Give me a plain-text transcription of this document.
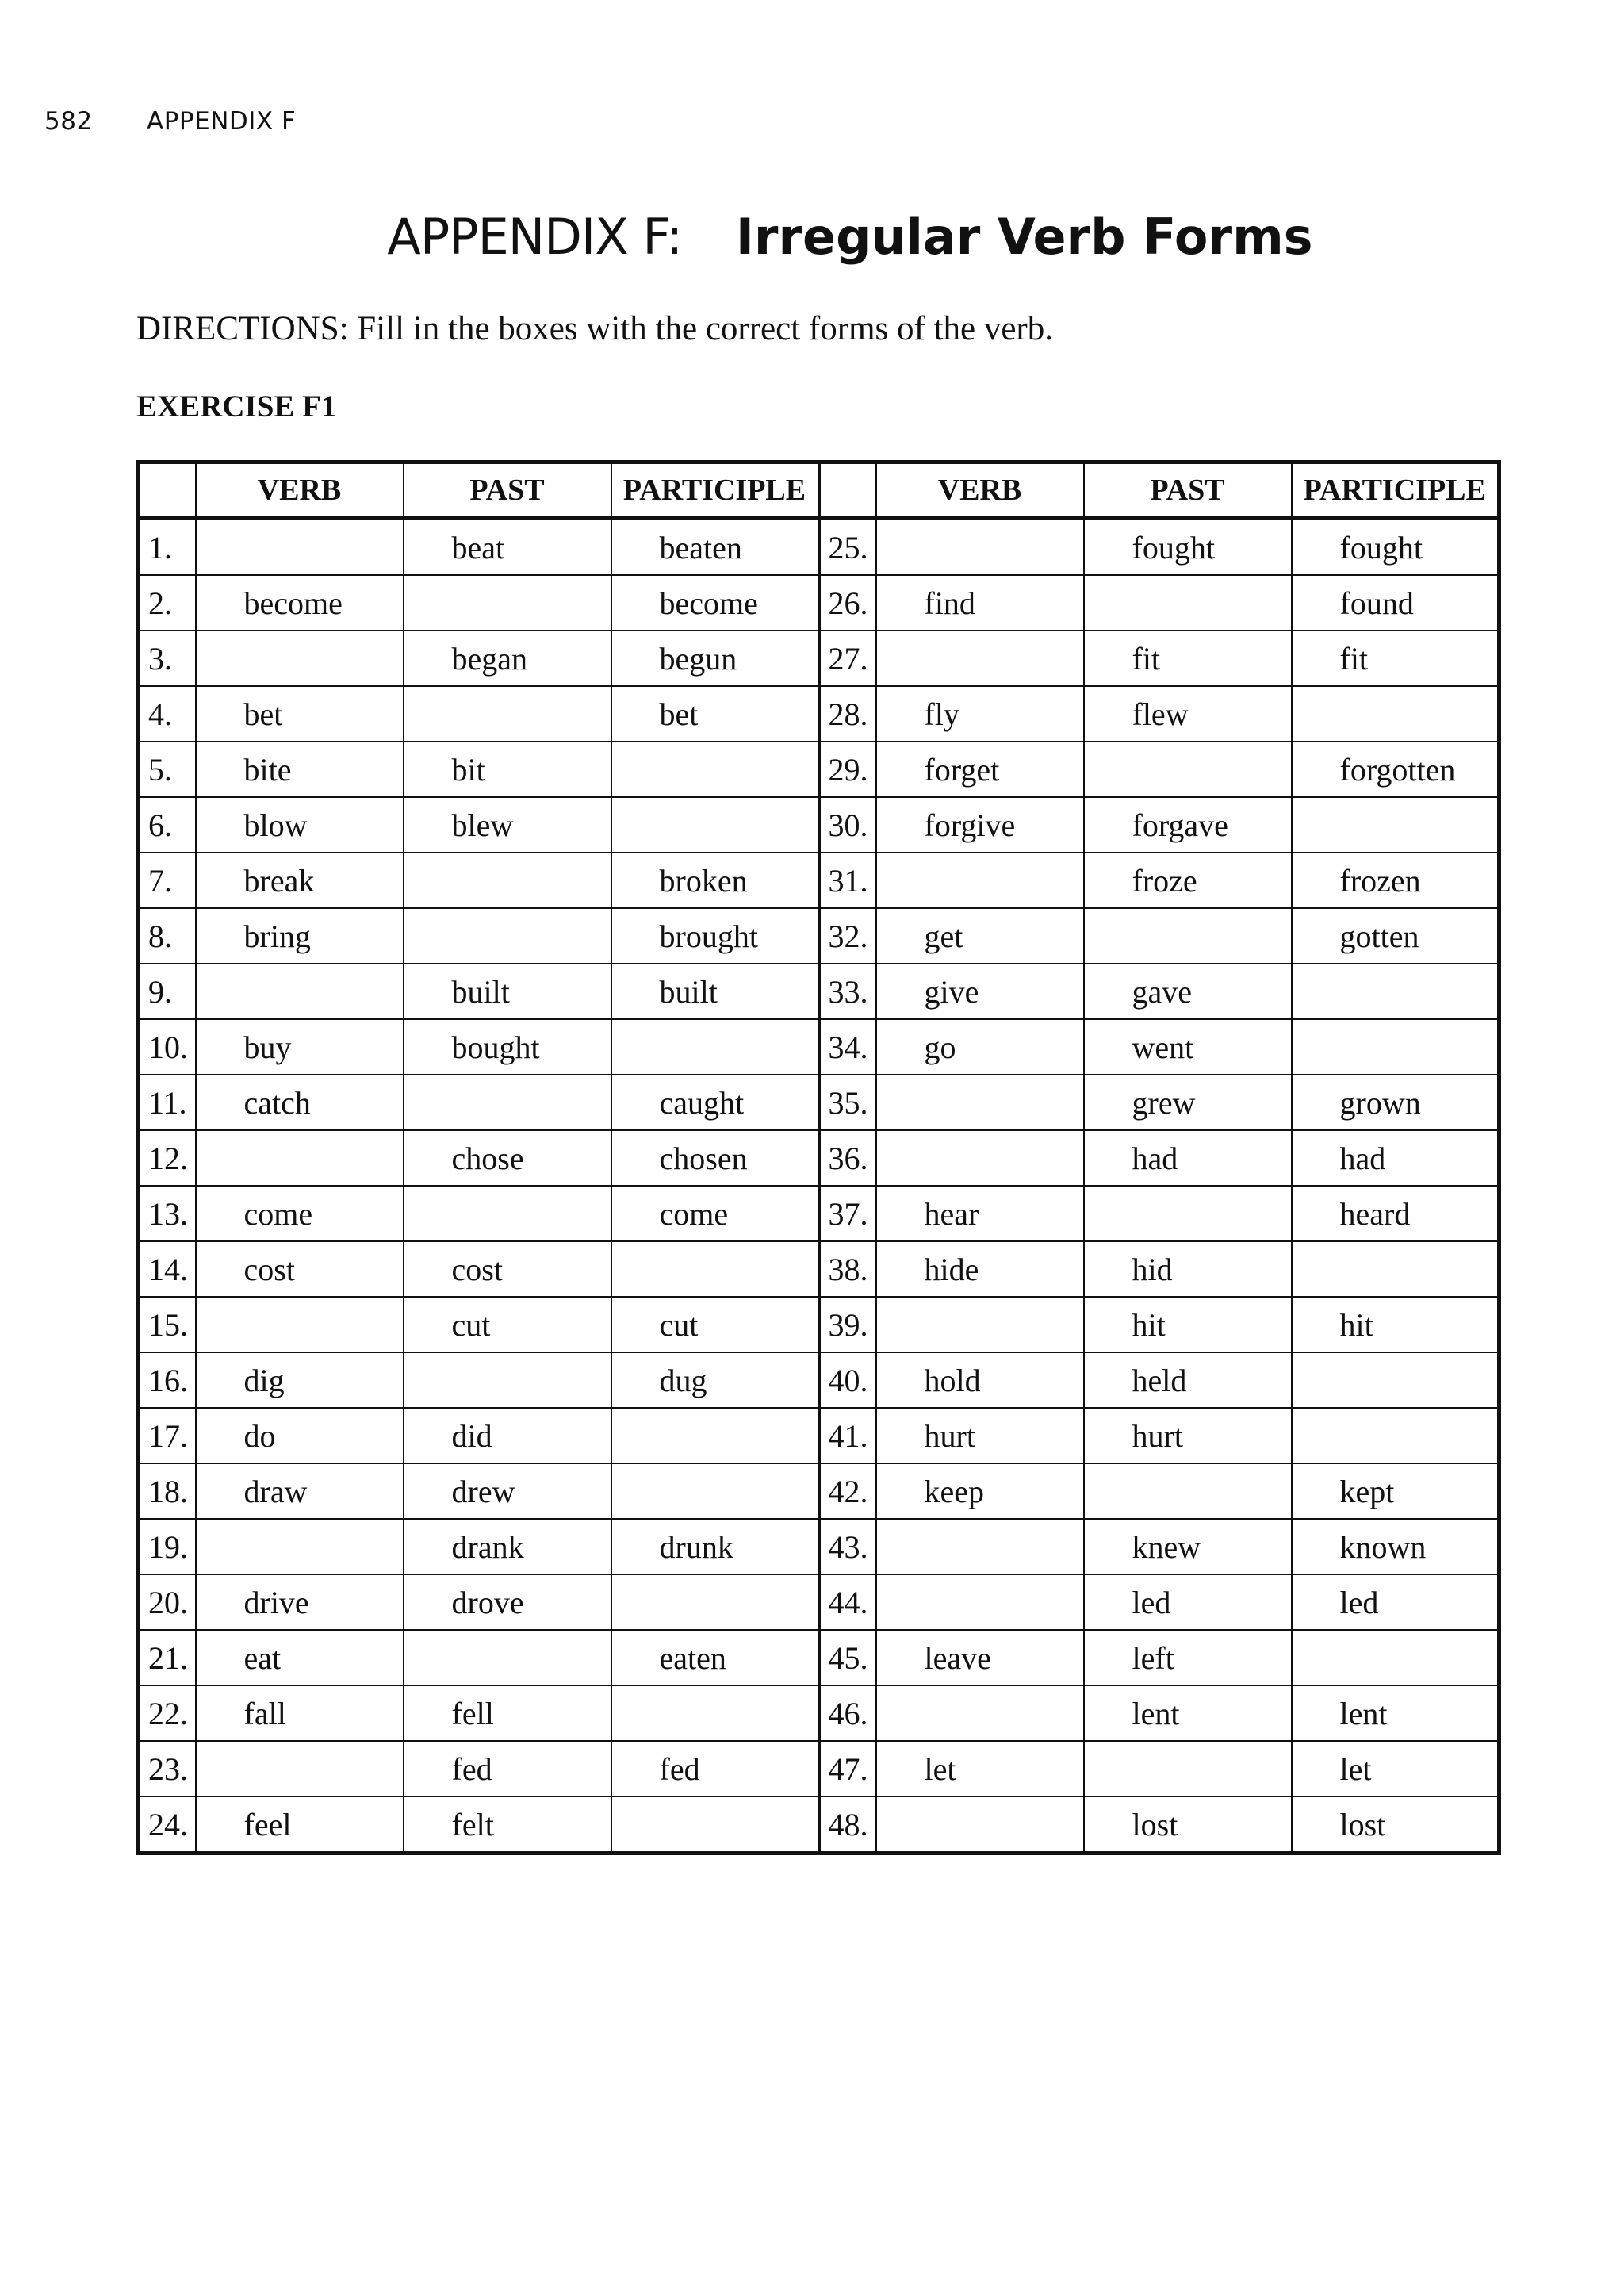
582 APPENDIX F
APPENDIX F: Irregular Verb Forms
DIRECTIONS: Fill in the boxes with the correct forms of the verb.
EXERCISE F1
	VERB	PAST	PARTICIPLE		VERB	PAST	PARTICIPLE
1.		beat	beaten	25.		fought	fought
2.	become		become	26.	find		found
3.		began	begun	27.		fit	fit
4.	bet		bet	28.	fly	flew	
5.	bite	bit		29.	forget		forgotten
6.	blow	blew		30.	forgive	forgave	
7.	break		broken	31.		froze	frozen
8.	bring		brought	32.	get		gotten
9.		built	built	33.	give	gave	
10.	buy	bought		34.	go	went	
11.	catch		caught	35.		grew	grown
12.		chose	chosen	36.		had	had
13.	come		come	37.	hear		heard
14.	cost	cost		38.	hide	hid	
15.		cut	cut	39.		hit	hit
16.	dig		dug	40.	hold	held	
17.	do	did		41.	hurt	hurt	
18.	draw	drew		42.	keep		kept
19.		drank	drunk	43.		knew	known
20.	drive	drove		44.		led	led
21.	eat		eaten	45.	leave	left	
22.	fall	fell		46.		lent	lent
23.		fed	fed	47.	let		let
24.	feel	felt		48.		lost	lost
